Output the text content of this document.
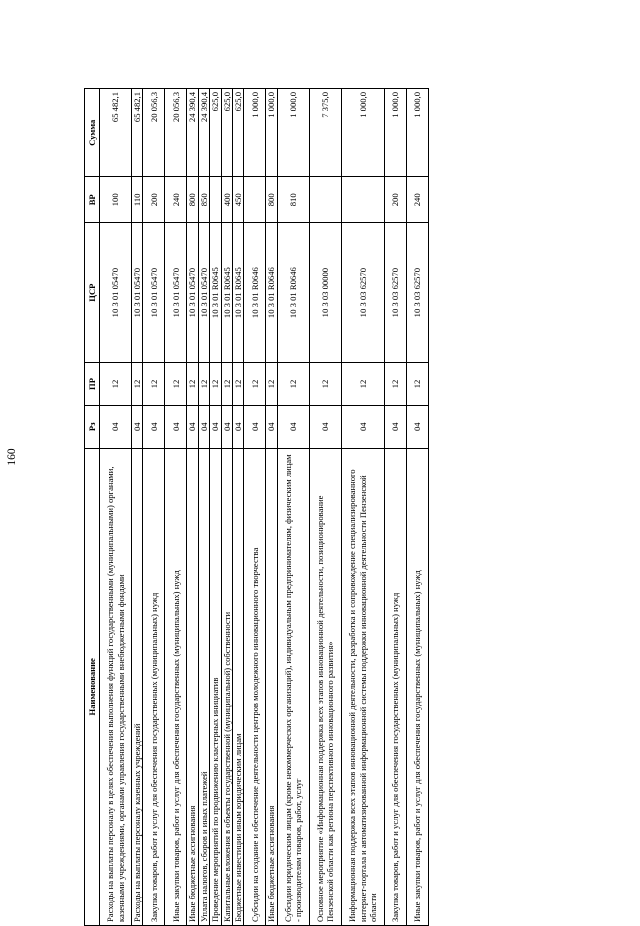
160
Наименование	Рз	ПР	ЦСР	ВР	Сумма
Расходы на выплаты персоналу в целях обеспечения выполнения функций государственными (муниципальными) органами, казенными учреждениями, органами управления государственными внебюджетными фондами	04	12	10 3 01 05470	100	65 482,1
Расходы на выплаты персоналу казенных учреждений	04	12	10 3 01 05470	110	65 482,1
Закупка товаров, работ и услуг для обеспечения государственных (муниципальных) нужд	04	12	10 3 01 05470	200	20 056,3
Иные закупки товаров, работ и услуг для обеспечения государственных (муниципальных) нужд	04	12	10 3 01 05470	240	20 056,3
Иные бюджетные ассигнования	04	12	10 3 01 05470	800	24 390,4
Уплата налогов, сборов и иных платежей	04	12	10 3 01 05470	850	24 390,4
Проведение мероприятий по продвижению кластерных инициатив	04	12	10 3 01 R0645		625,0
Капитальные вложения в объекты государственной (муниципальной) собственности	04	12	10 3 01 R0645	400	625,0
Бюджетные инвестиции иным юридическим лицам	04	12	10 3 01 R0645	450	625,0
Субсидии на создание и обеспечение деятельности центров молодежного инновационного творчества	04	12	10 3 01 R0646		1 000,0
Иные бюджетные ассигнования	04	12	10 3 01 R0646	800	1 000,0
Субсидии юридическим лицам (кроме некоммерческих организаций), индивидуальным предпринимателям, физическим лицам - производителям товаров, работ, услуг	04	12	10 3 01 R0646	810	1 000,0
Основное мероприятие «Информационная поддержка всех этапов инновационной деятельности, позиционирование Пензенской области как региона перспективного инновационного развития»	04	12	10 3 03 00000		7 375,0
Информационная поддержка всех этапов инновационной деятельности, разработка и сопровождение специализированного интернет-портала и автоматизированной информационной системы поддержки инновационной деятельности Пензенской области	04	12	10 3 03 62570		1 000,0
Закупка товаров, работ и услуг для обеспечения государственных (муниципальных) нужд	04	12	10 3 03 62570	200	1 000,0
Иные закупки товаров, работ и услуг для обеспечения государственных (муниципальных) нужд	04	12	10 3 03 62570	240	1 000,0
